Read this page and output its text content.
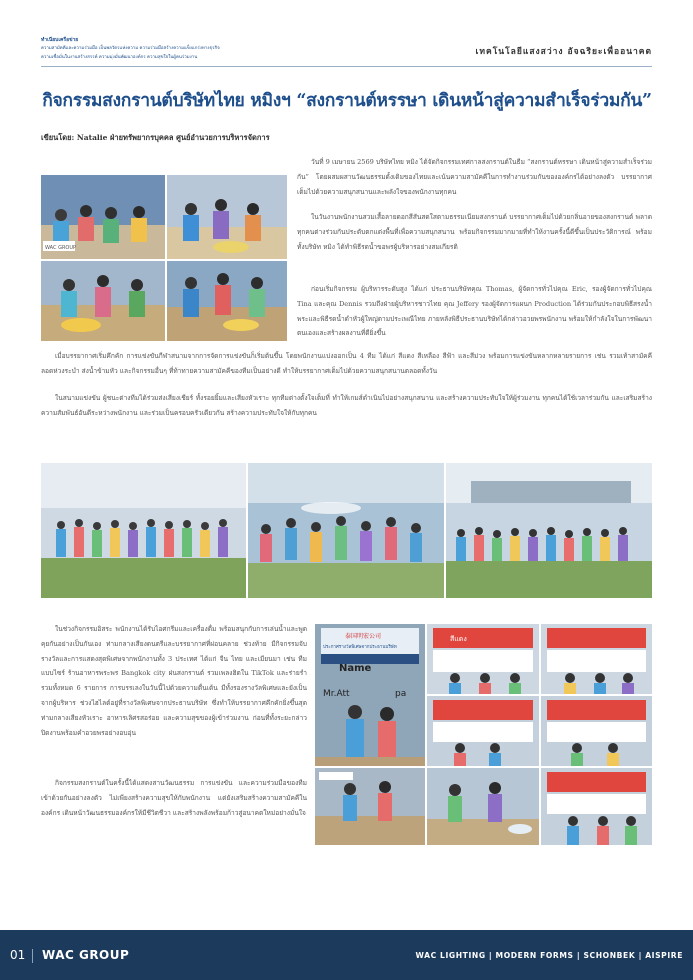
ทำเนียบเครือข่าย
ความสามัคคีและความร่วมมือ เป็นพลวัตรแห่งความ ความร่วมมือสร้างความแข็งแกร่งทางธุรกิจ
ความเชื่อมั่นในงานสร้างสรรค์ ความมุ่งมั่นพัฒนาองค์กร ความสุขใจในผู้คนร่วมงาน
เทคโนโลยีแสงสว่าง อัจฉริยะเพื่ออนาคต
กิจกรรมสงกรานต์บริษัทไทย หมิงฯ “สงกรานต์หรรษา เดินหน้าสู่ความสำเร็จร่วมกัน”
เขียนโดย: Natalie ฝ่ายทรัพยากรบุคคล ศูนย์อำนวยการบริหารจัดการ
WAC GROUP

วันที่ 9 เมษายน 2569 บริษัทไทย หมิง ได้จัดกิจกรรมเทศกาลสงกรานต์ในธีม “สงกรานต์หรรษา เดินหน้าสู่ความสำเร็จร่วมกัน” โดยผสมผสานวัฒนธรรมดั้งเดิมของไทยและเน้นความสามัคคีในการทำงานร่วมกันขององค์กรได้อย่างลงตัว บรรยากาศเต็มไปด้วยความสนุกสนานและพลังใจของพนักงานทุกคน

ในวันงานพนักงานสวมเสื้อลายดอกสีสันสดใสตามธรรมเนียมสงกรานต์ บรรยากาศเต็มไปด้วยกลิ่นอายของสงกรานต์ พลาดทุกคนต่างร่วมกันประดับตกแต่งพื้นที่เพื่อความสนุกสนาน พร้อมกิจกรรมมากมายที่ทำให้งานครั้งนี้ดีขึ้นเป็นประวัติการณ์ พร้อมทั้งบริษัท หมิง ได้ทำพิธีรดน้ำขอพรผู้บริหารอย่างสมเกียรติ

ก่อนเริ่มกิจกรรม ผู้บริหารระดับสูง ได้แก่ ประธานบริษัทคุณ Thomas, ผู้จัดการทั่วไปคุณ Eric, รองผู้จัดการทั่วไปคุณ Tina และคุณ Dennis รวมถึงฝ่ายผู้บริหารชาวไทย คุณ Jeffery รองผู้จัดการแผนก Production ได้ร่วมกันประกอบพิธีสรงน้ำพระและพิธีรดน้ำดำหัวผู้ใหญ่ตามประเพณีไทย ภายหลังพิธีประธานบริษัทได้กล่าวอวยพรพนักงาน พร้อมให้กำลังใจในการพัฒนาตนเองและสร้างผลงานที่ดียิ่งขึ้น

เมื่อบรรยากาศเริ่มคึกคัก การแข่งขันกีฬาสนามจากการจัดการแข่งขันก็เริ่มต้นขึ้น โดยพนักงานแบ่งออกเป็น 4 ทีม ได้แก่ สีแดง สีเหลือง สีฟ้า และสีม่วง พร้อมการแข่งขันหลากหลายรายการ เช่น รวมเท้าสามัคคี ลอดห่วงระบำ ส่งน้ำข้ามหัว และกิจกรรมอื่นๆ ที่ท้าทายความสามัคคีของทีมเป็นอย่างดี ทำให้บรรยากาศเต็มไปด้วยความสนุกสนานตลอดทั้งวัน

ในสนามแข่งขัน ผู้ชนะต่างทีมได้ร่วมส่งเสียงเชียร์ ทั้งรอยยิ้มและเสียงหัวเราะ ทุกทีมต่างตั้งใจเต็มที่ ทำให้เกมส์ดำเนินไปอย่างสนุกสนาน และสร้างความประทับใจให้ผู้ร่วมงาน ทุกคนได้ใช้เวลาร่วมกัน และเสริมสร้างความสัมพันธ์อันดีระหว่างพนักงาน และร่วมเป็นครอบครัวเดียวกัน สร้างความประทับใจให้กับทุกคน

ในช่วงกิจกรรมอิสระ พนักงานได้รับไอศกรีมและเครื่องดื่ม พร้อมสนุกกับการเล่นน้ำและพูดคุยกันอย่างเป็นกันเอง ท่ามกลางเสียงดนตรีและบรรยากาศที่ผ่อนคลาย ช่วงท้าย มีกิจกรรมจับรางวัลและการแสดงสุดพิเศษจากพนักงานทั้ง 3 ประเทศ ได้แก่ จีน ไทย และเมียนมา เช่น ทีมแบบไซร์ ร้านอาหารพระพร Bangkok city ฝนสงกรานต์ รวมเพลงฮิตใน TikTok และร่ายรำ รวมทั้งหมด 6 รายการ การบรรเลงในวันนี้ไปด้วยความตื่นเต้น มีทั้งรองรางวัลพิเศษและยังเป็นจากผู้บริหาร ช่วงไฮไลต์อยู่ที่รางวัลพิเศษจากประธานบริษัท ซึ่งทำให้บรรยากาศคึกคักยิ่งขึ้นสุด ท่ามกลางเสียงหัวเราะ อาหารเลิศรสอร่อย และความสุขของผู้เข้าร่วมงาน ก่อนที่ทั้งระยะกล่าวปิดงานพร้อมคำอวยพรอย่างอบอุ่น

กิจกรรมสงกรานต์ในครั้งนี้ได้แสดงสานวัฒนธรรม การแข่งขัน และความร่วมมือของทีมเข้าด้วยกันอย่างลงตัว ไม่เพียงสร้างความสุขให้กับพนักงาน แต่ยังเสริมสร้างความสามัคคีในองค์กร เดินหน้าวัฒนธรรมองค์กรให้มีชีวิตชีวา และสร้างพลังพร้อมก้าวสู่อนาคตใหม่อย่างมั่นใจ

泰国明宏公司
ประกาศรางวัลพิเศษจากประธานบริษัท
Name
Mr.Att	pa
สีแดง
01 WAC GROUP	WAC LIGHTING | MODERN FORMS | SCHONBEK | AISPIRE
